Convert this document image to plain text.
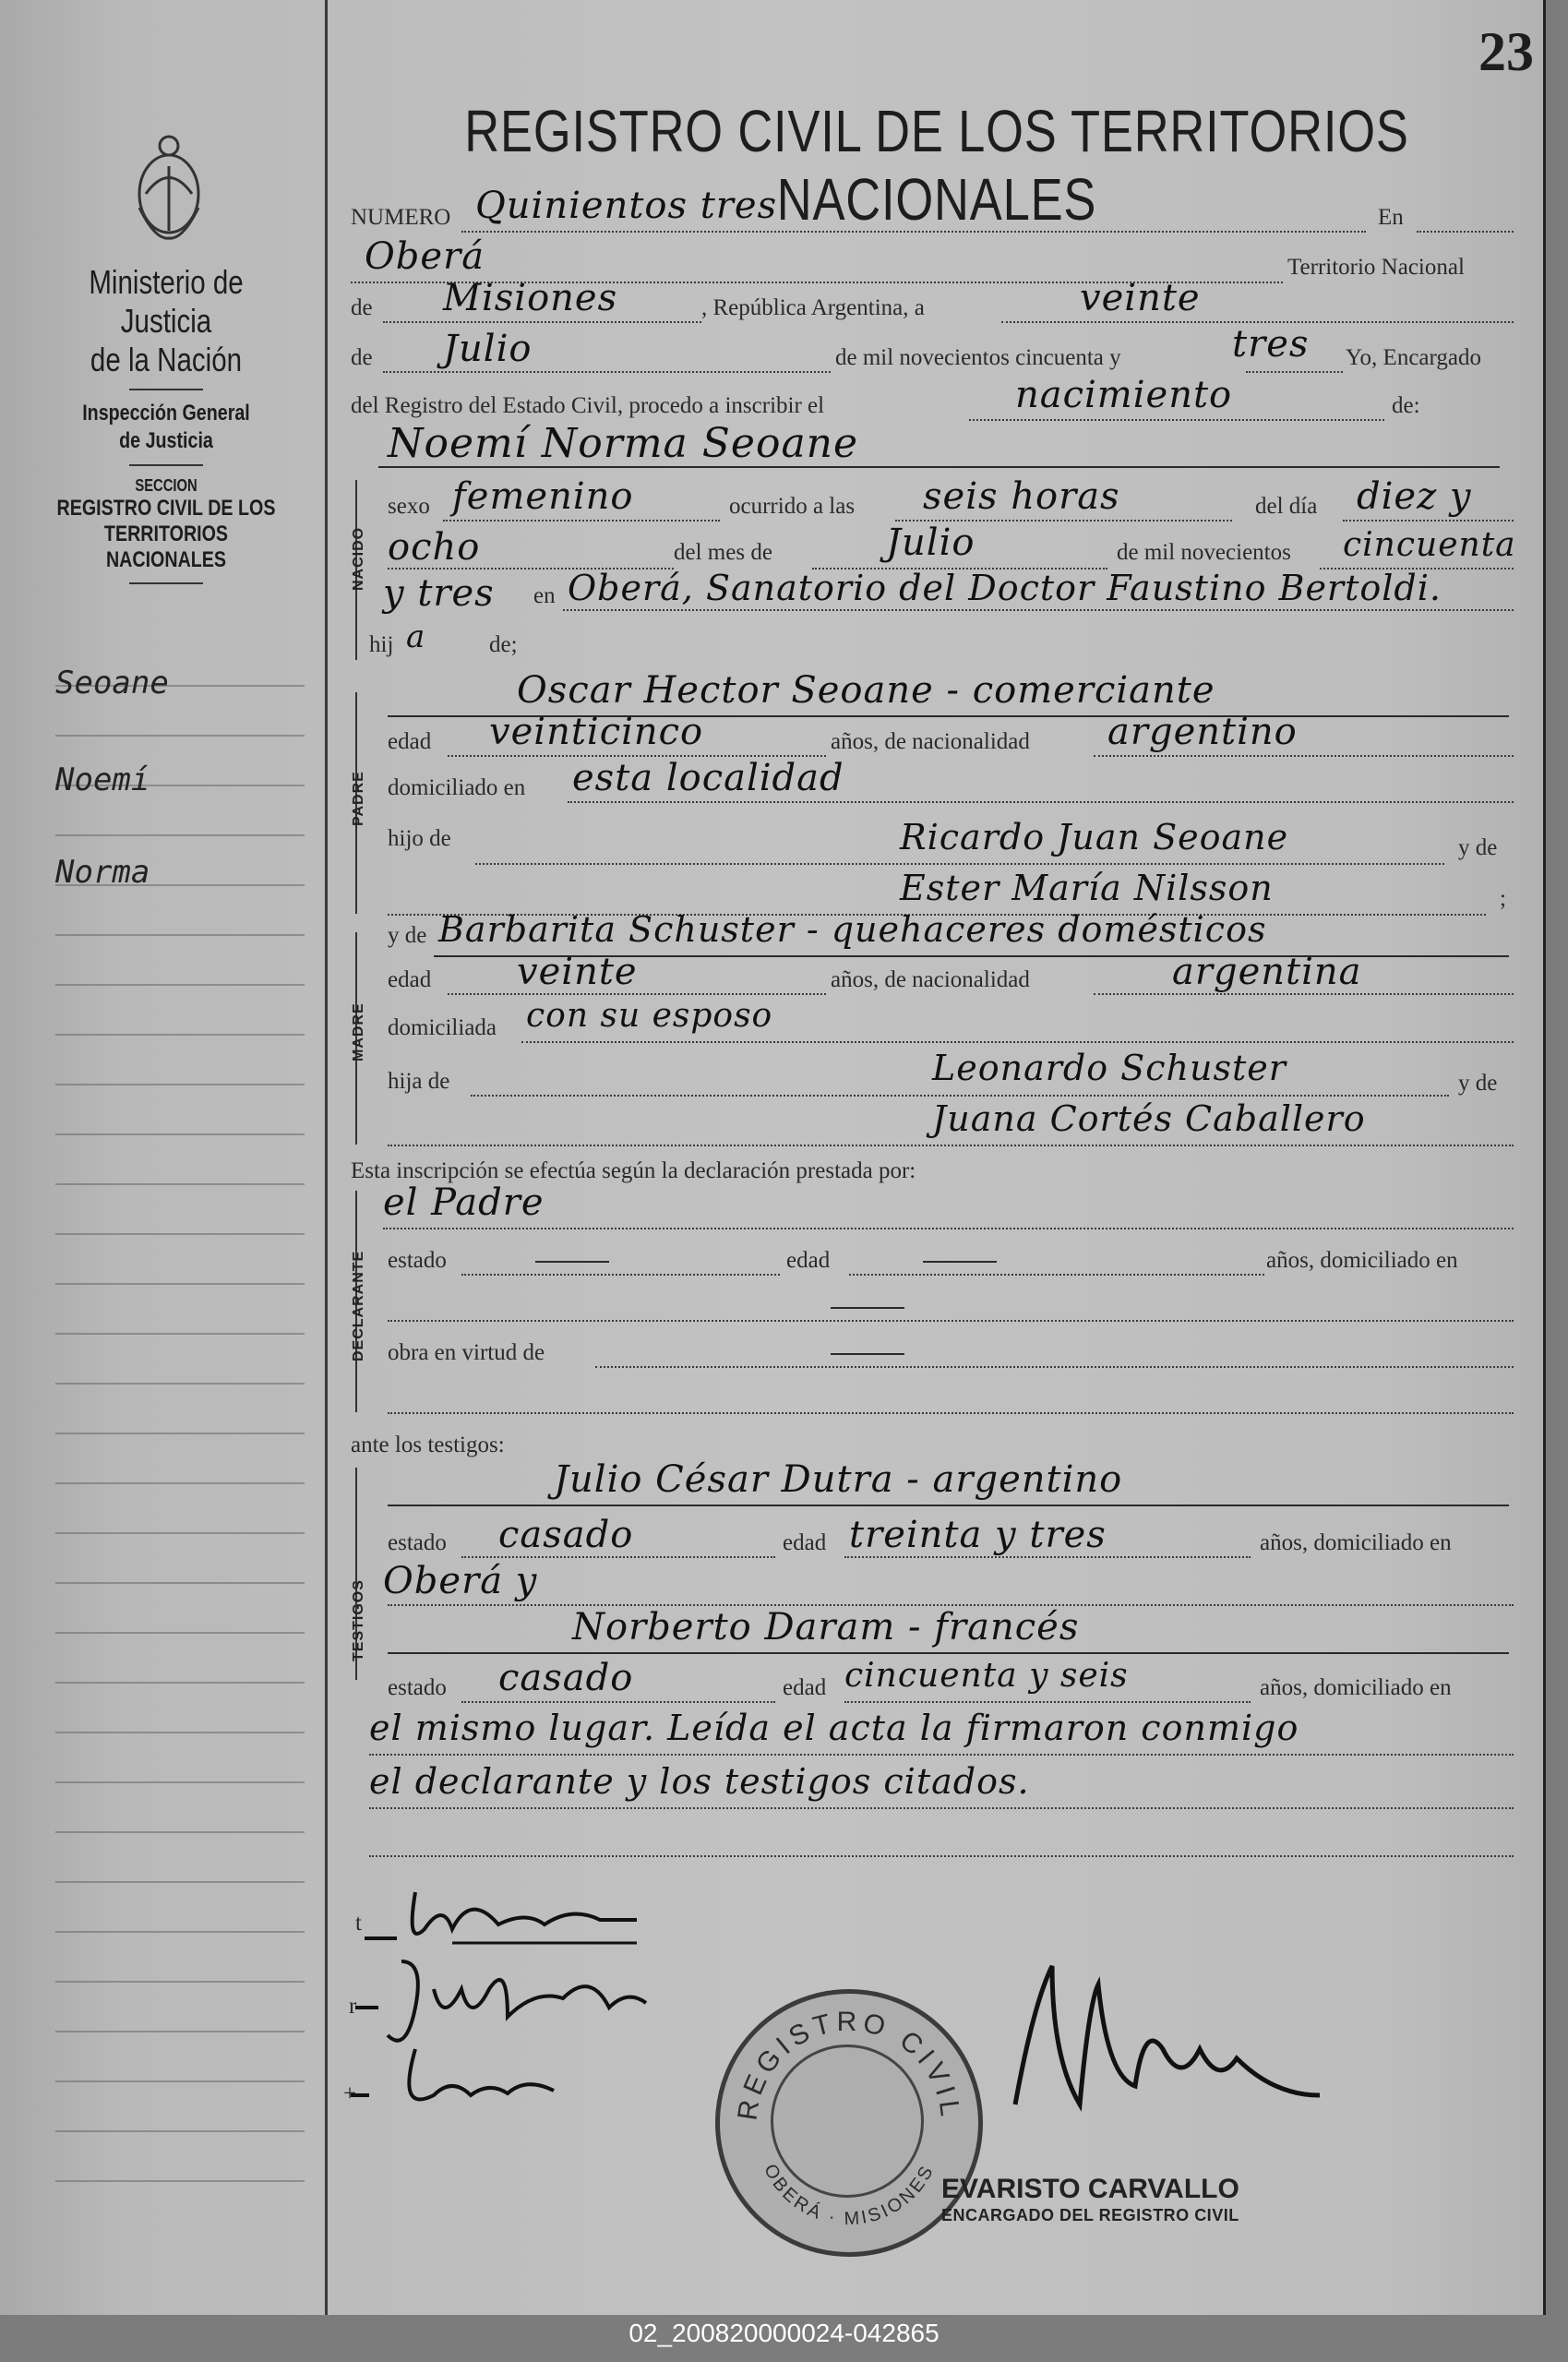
Ministerio de Justicia
de la Nación
Inspección General
de Justicia
SECCION
REGISTRO CIVIL DE LOS
TERRITORIOS NACIONALES
Seoane
Noemí
Norma
23
REGISTRO CIVIL DE LOS TERRITORIOS NACIONALES
NUMERO Quinientos tres	En
Oberá	Territorio Nacional
de Misiones	, República Argentina, a	veinte
de Julio	de mil novecientos cincuenta y	tres Yo, Encargado
del Registro del Estado Civil, procedo a inscribir el	nacimiento	de:
Noemí Norma Seoane
NACIDO
sexo femenino	ocurrido a las seis horas	del día diez y
ocho	del mes de	Julio	de mil novecientos cincuenta
y tres en Oberá, Sanatorio del Doctor Faustino Bertoldi.
hij a	de;
PADRE
Oscar Hector Seoane - comerciante
edad veinticinco	años, de nacionalidad argentino
domiciliado en esta localidad
hijo de	Ricardo Juan Seoane	y de
Ester María Nilsson	;
MADRE
y de Barbarita Schuster - quehaceres domésticos
edad veinte	años, de nacionalidad	argentina
domiciliada con su esposo
hija de	Leonardo Schuster	y de
Juana Cortés Caballero
Esta inscripción se efectúa según la declaración prestada por:
DECLARANTE
el Padre
estado	edad	años, domiciliado en
obra en virtud de
ante los testigos:
TESTIGOS
Julio César Dutra - argentino
estado casado	edad treinta y tres	años, domiciliado en
Oberá y
Norberto Daram - francés
estado casado	edad cincuenta y seis	años, domiciliado en
el mismo lugar. Leída el acta la firmaron conmigo
el declarante y los testigos citados.
REGISTRO CIVIL
OBERÁ · MISIONES
EVARISTO CARVALLO
ENCARGADO DEL REGISTRO CIVIL
t
r
+
02_200820000024-042865
